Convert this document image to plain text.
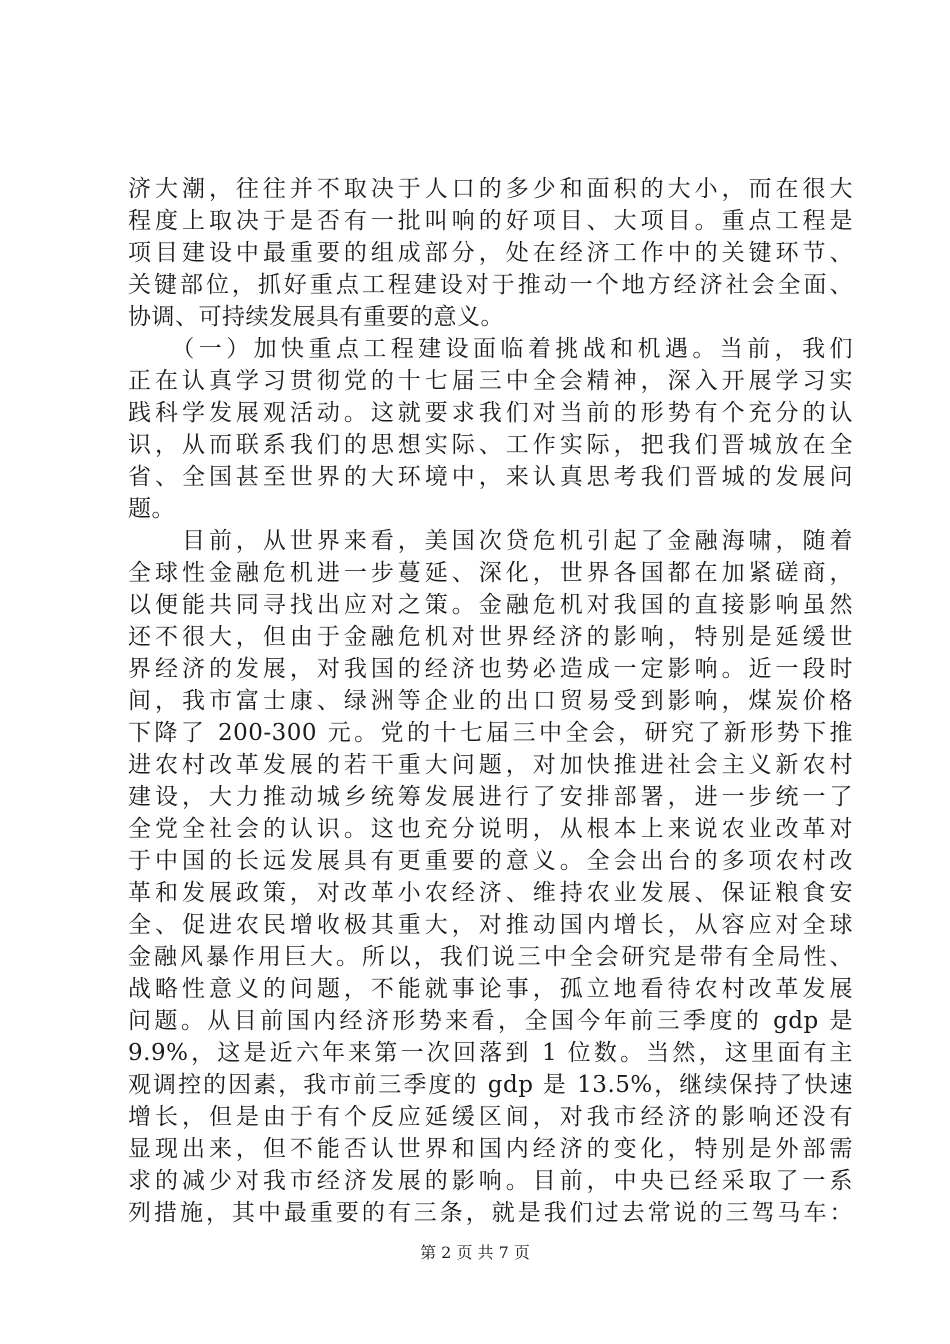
济大潮，往往并不取决于人口的多少和面积的大小，而在很大
程度上取决于是否有一批叫响的好项目、大项目。重点工程是
项目建设中最重要的组成部分，处在经济工作中的关键环节、
关键部位，抓好重点工程建设对于推动一个地方经济社会全面、
协调、可持续发展具有重要的意义。
　　（一）加快重点工程建设面临着挑战和机遇。当前，我们
正在认真学习贯彻党的十七届三中全会精神，深入开展学习实
践科学发展观活动。这就要求我们对当前的形势有个充分的认
识，从而联系我们的思想实际、工作实际，把我们晋城放在全
省、全国甚至世界的大环境中，来认真思考我们晋城的发展问
题。
　　目前，从世界来看，美国次贷危机引起了金融海啸，随着
全球性金融危机进一步蔓延、深化，世界各国都在加紧磋商，
以便能共同寻找出应对之策。金融危机对我国的直接影响虽然
还不很大，但由于金融危机对世界经济的影响，特别是延缓世
界经济的发展，对我国的经济也势必造成一定影响。近一段时
间，我市富士康、绿洲等企业的出口贸易受到影响，煤炭价格
下降了 200-300 元。党的十七届三中全会，研究了新形势下推
进农村改革发展的若干重大问题，对加快推进社会主义新农村
建设，大力推动城乡统筹发展进行了安排部署，进一步统一了
全党全社会的认识。这也充分说明，从根本上来说农业改革对
于中国的长远发展具有更重要的意义。全会出台的多项农村改
革和发展政策，对改革小农经济、维持农业发展、保证粮食安
全、促进农民增收极其重大，对推动国内增长，从容应对全球
金融风暴作用巨大。所以，我们说三中全会研究是带有全局性、
战略性意义的问题，不能就事论事，孤立地看待农村改革发展
问题。从目前国内经济形势来看，全国今年前三季度的 gdp 是
9.9%，这是近六年来第一次回落到 1 位数。当然，这里面有主
观调控的因素，我市前三季度的 gdp 是 13.5%，继续保持了快速
增长，但是由于有个反应延缓区间，对我市经济的影响还没有
显现出来，但不能否认世界和国内经济的变化，特别是外部需
求的减少对我市经济发展的影响。目前，中央已经采取了一系
列措施，其中最重要的有三条，就是我们过去常说的三驾马车：
第 2 页 共 7 页
